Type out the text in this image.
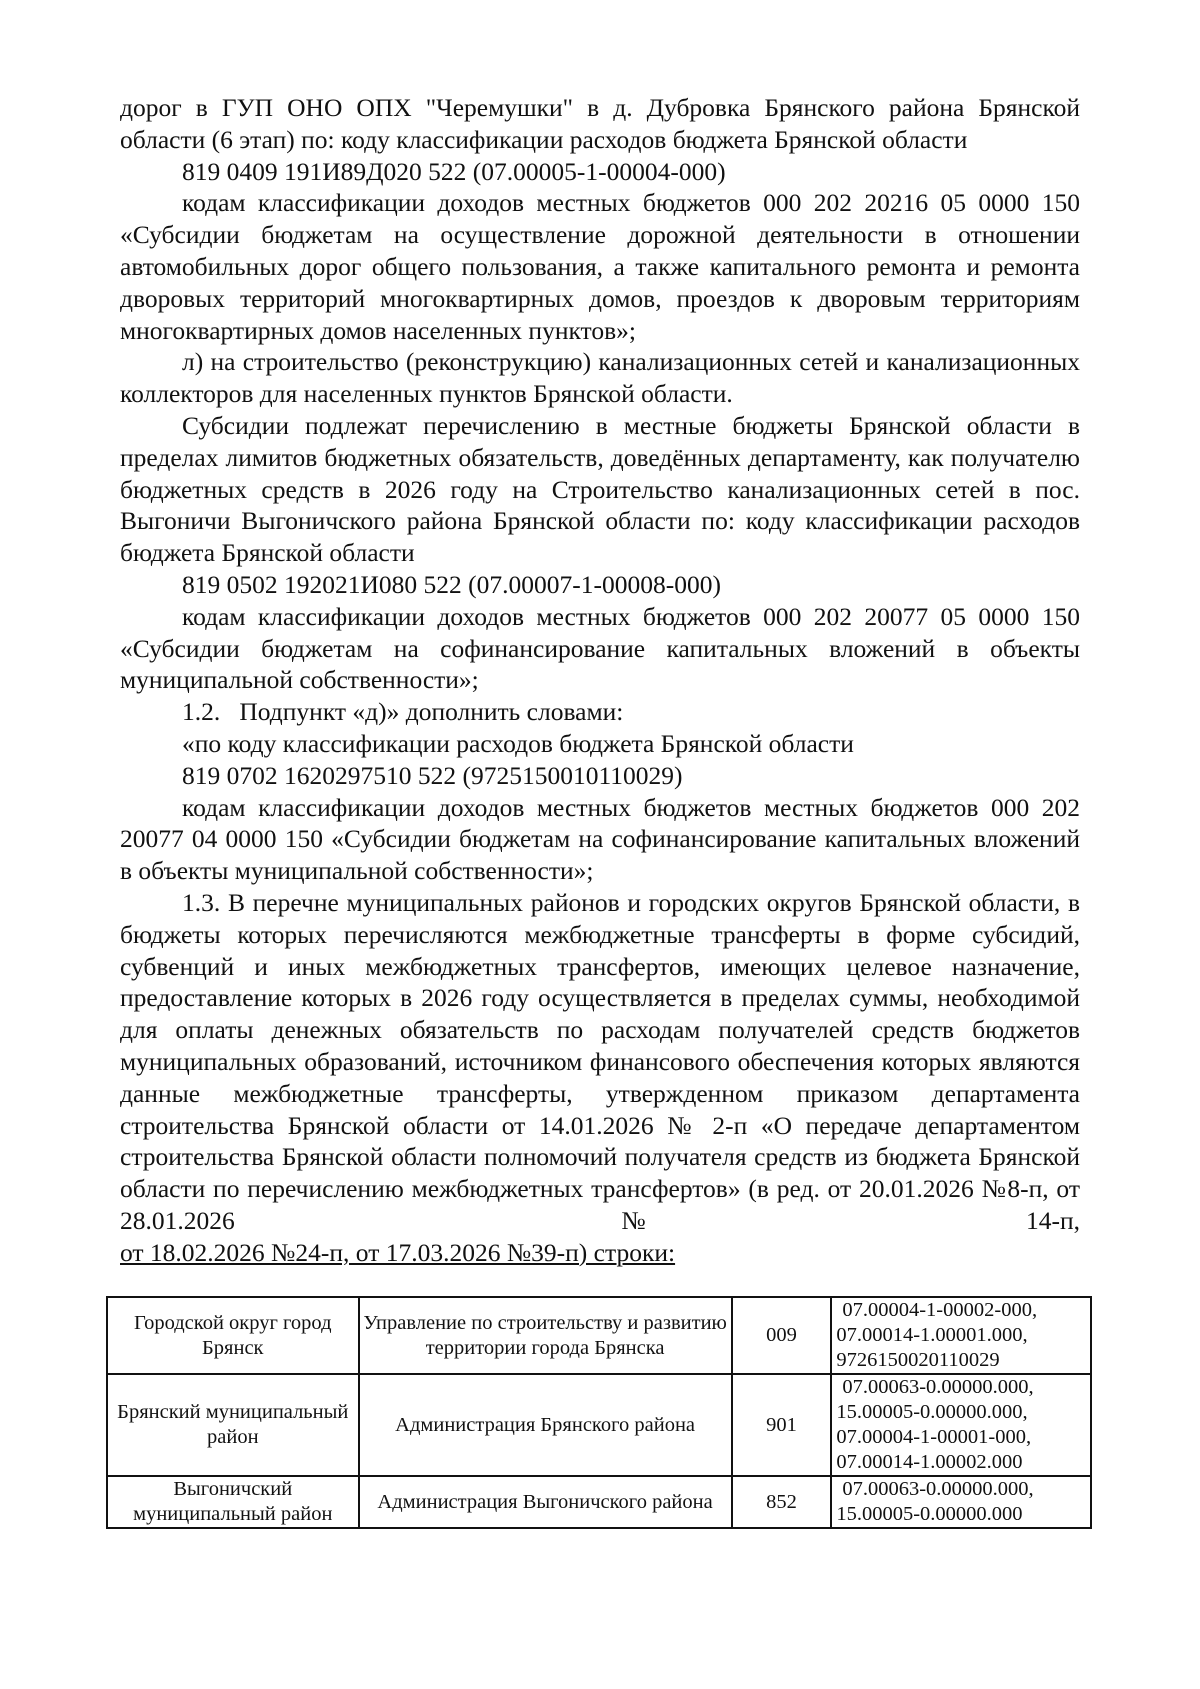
дорог в ГУП ОНО ОПХ "Черемушки" в д. Дубровка Брянского района Брянской области (6 этап) по: коду классификации расходов бюджета Брянской области

819 0409 191И89Д020 522 (07.00005-1-00004-000)

кодам классификации доходов местных бюджетов 000 202 20216 05 0000 150 «Субсидии бюджетам на осуществление дорожной деятельности в отношении автомобильных дорог общего пользования, а также капитального ремонта и ремонта дворовых территорий многоквартирных домов, проездов к дворовым территориям многоквартирных домов населенных пунктов»;

л) на строительство (реконструкцию) канализационных сетей и канализационных коллекторов для населенных пунктов Брянской области.

Субсидии подлежат перечислению в местные бюджеты Брянской области в пределах лимитов бюджетных обязательств, доведённых департаменту, как получателю бюджетных средств в 2026 году на Строительство канализационных сетей в пос. Выгоничи Выгоничского района Брянской области по: коду классификации расходов бюджета Брянской области

819 0502 192021И080 522 (07.00007-1-00008-000)

кодам классификации доходов местных бюджетов 000 202 20077 05 0000 150 «Субсидии бюджетам на софинансирование капитальных вложений в объекты муниципальной собственности»;

1.2.   Подпункт «д)» дополнить словами:

«по коду классификации расходов бюджета Брянской области

819 0702 1620297510 522 (9725150010110029)

кодам классификации доходов местных бюджетов местных бюджетов 000 202 20077 04 0000 150 «Субсидии бюджетам на софинансирование капитальных вложений в объекты муниципальной собственности»;

1.3. В перечне муниципальных районов и городских округов Брянской области, в бюджеты которых перечисляются межбюджетные трансферты в форме субсидий, субвенций и иных межбюджетных трансфертов, имеющих целевое назначение, предоставление которых в 2026 году осуществляется в пределах суммы, необходимой для оплаты денежных обязательств по расходам получателей средств бюджетов муниципальных образований, источником финансового обеспечения которых являются данные межбюджетные трансферты, утвержденном приказом департамента строительства Брянской области от 14.01.2026 № 2-п «О передаче департаментом строительства Брянской области полномочий получателя средств из бюджета Брянской области по перечислению межбюджетных трансфертов» (в ред. от 20.01.2026 №8-п, от 28.01.2026 №14-п,

от 18.02.2026 №24-п, от 17.03.2026 №39-п) строки:

Городской округ город Брянск	Управление по строительству и развитию территории города Брянска	009	07.00004-1-00002-000,
07.00014-1.00001.000,
9726150020110029

Брянский муниципальный район	Администрация Брянского района	901	07.00063-0.00000.000,
15.00005-0.00000.000,
07.00004-1-00001-000,
07.00014-1.00002.000

Выгоничский муниципальный район	Администрация Выгоничского района	852	07.00063-0.00000.000,
15.00005-0.00000.000
